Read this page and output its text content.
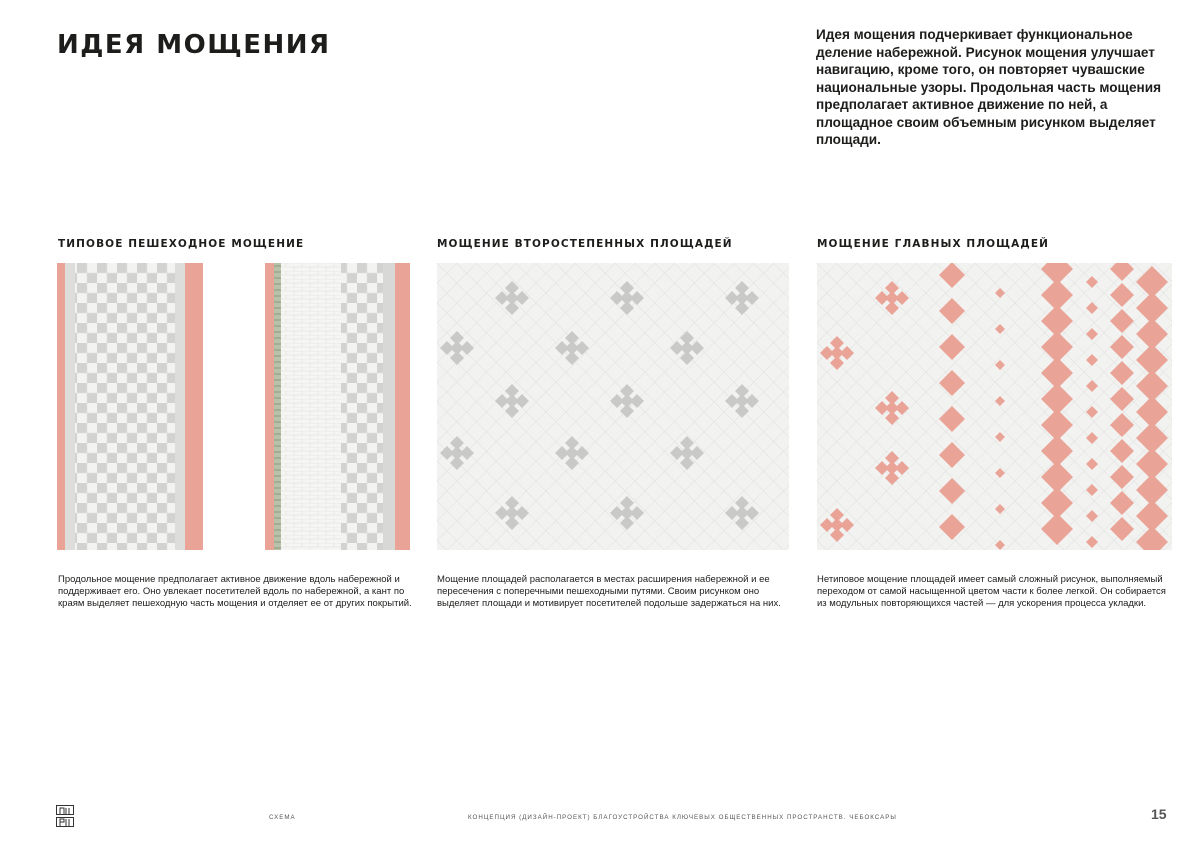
ИДЕЯ МОЩЕНИЯ	Идея мощения подчеркивает функциональное деление набережной. Рисунок мощения улучшает навигацию, кроме того, он повторяет чувашские национальные узоры. Продольная часть мощения предполагает активное движение по ней, а площадное своим объемным рисунком выделяет площади.

ТИПОВОЕ ПЕШЕХОДНОЕ МОЩЕНИЕ

Продольное мощение предполагает активное движение вдоль набережной и поддерживает его. Оно увлекает посетителей вдоль по набережной, а кант по краям выделяет пешеходную часть мощения и отделяет ее от других покрытий.

МОЩЕНИЕ ВТОРОСТЕПЕННЫХ ПЛОЩАДЕЙ

Мощение площадей располагается в местах расширения набережной и ее пересечения с поперечными пешеходными путями. Своим рисунком оно выделяет площади и мотивирует посетителей подольше задержаться на них.

МОЩЕНИЕ ГЛАВНЫХ ПЛОЩАДЕЙ

Нетиповое мощение площадей имеет самый сложный рисунок, выполняемый переходом от самой насыщенной цветом части к более легкой. Он собирается из модульных повторяющихся частей — для ускорения процесса укладки.

СХЕМА	КОНЦЕПЦИЯ (ДИЗАЙН-ПРОЕКТ) БЛАГОУСТРОЙСТВА КЛЮЧЕВЫХ ОБЩЕСТВЕННЫХ ПРОСТРАНСТВ. ЧЕБОКСАРЫ	15
